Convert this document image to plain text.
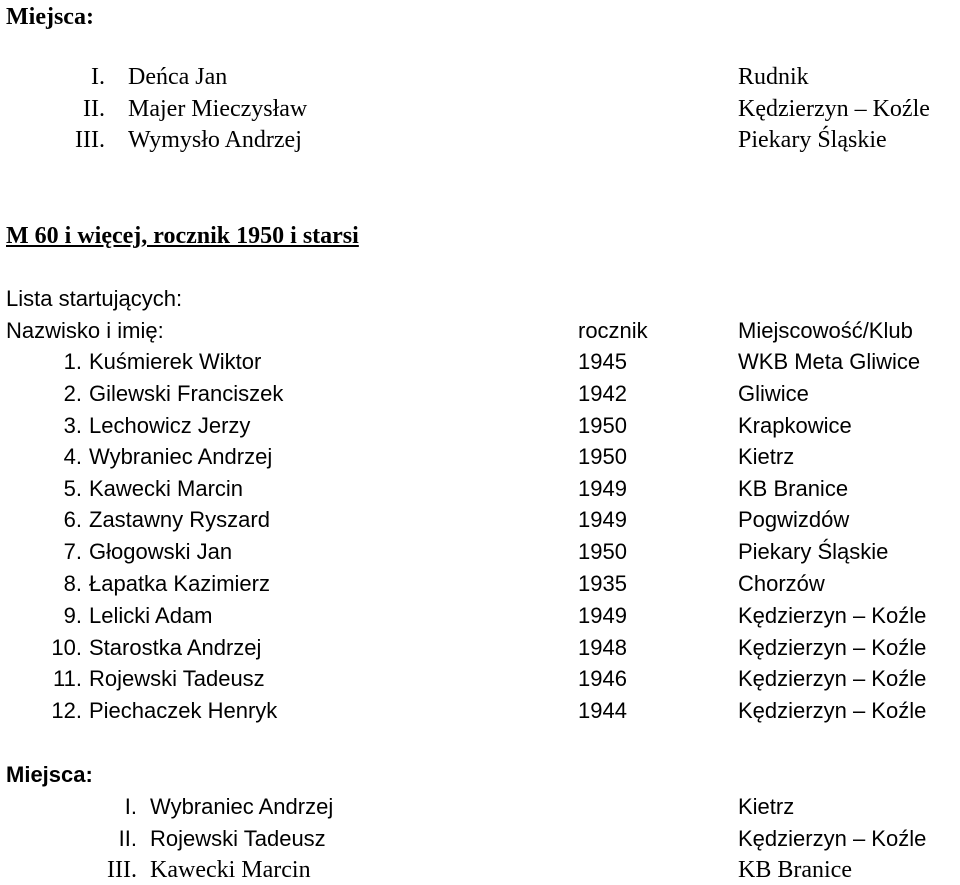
Miejsca:
I. Deńca Jan	Rudnik
II. Majer Mieczysław	Kędzierzyn – Koźle
III. Wymysło Andrzej	Piekary Śląskie
M 60 i więcej, rocznik 1950 i starsi
Lista startujących:
Nazwisko i imię:	rocznik	Miejscowość/Klub
1. Kuśmierek Wiktor	1945	WKB Meta Gliwice
2. Gilewski Franciszek	1942	Gliwice
3. Lechowicz Jerzy	1950	Krapkowice
4. Wybraniec Andrzej	1950	Kietrz
5. Kawecki Marcin	1949	KB Branice
6. Zastawny Ryszard	1949	Pogwizdów
7. Głogowski Jan	1950	Piekary Śląskie
8. Łapatka Kazimierz	1935	Chorzów
9. Lelicki Adam	1949	Kędzierzyn – Koźle
10. Starostka Andrzej	1948	Kędzierzyn – Koźle
11. Rojewski Tadeusz	1946	Kędzierzyn – Koźle
12. Piechaczek Henryk	1944	Kędzierzyn – Koźle
Miejsca:
I. Wybraniec Andrzej	Kietrz
II. Rojewski Tadeusz	Kędzierzyn – Koźle
III. Kawecki Marcin	KB Branice
